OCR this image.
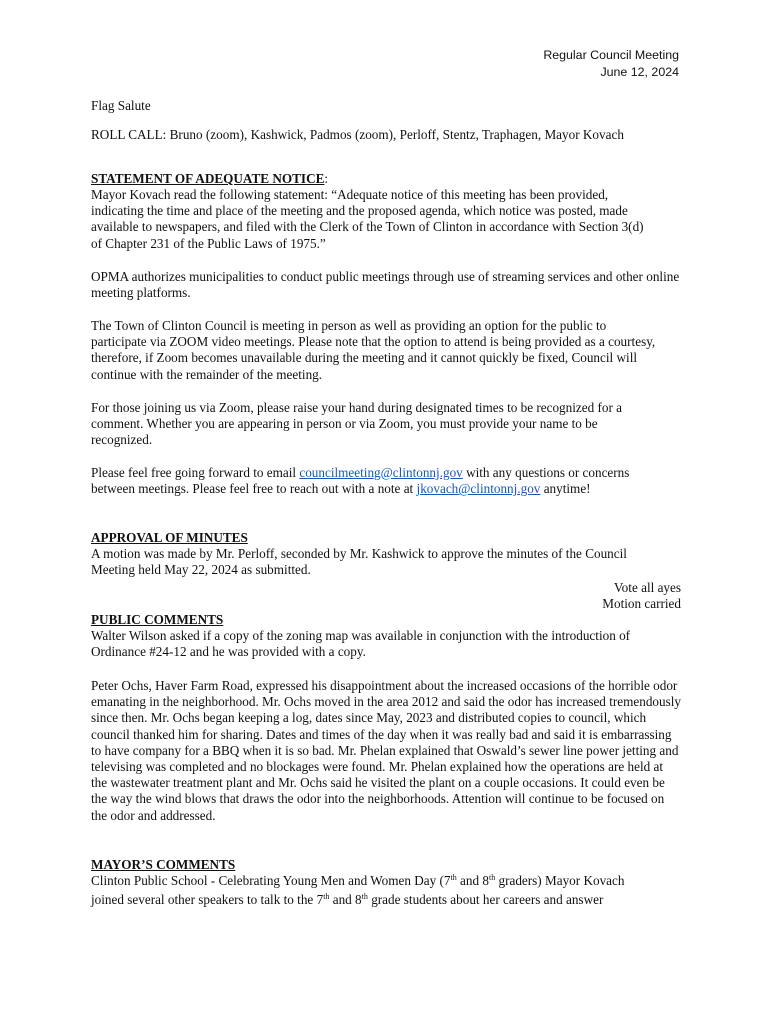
Regular Council Meeting
June 12, 2024

Flag Salute

ROLL CALL: Bruno (zoom), Kashwick, Padmos (zoom), Perloff, Stentz, Traphagen, Mayor Kovach

STATEMENT OF ADEQUATE NOTICE:

Mayor Kovach read the following statement: “Adequate notice of this meeting has been provided, indicating the time and place of the meeting and the proposed agenda, which notice was posted, made available to newspapers, and filed with the Clerk of the Town of Clinton in accordance with Section 3(d) of Chapter 231 of the Public Laws of 1975.”

OPMA authorizes municipalities to conduct public meetings through use of streaming services and other online meeting platforms.

The Town of Clinton Council is meeting in person as well as providing an option for the public to participate via ZOOM video meetings. Please note that the option to attend is being provided as a courtesy, therefore, if Zoom becomes unavailable during the meeting and it cannot quickly be fixed, Council will continue with the remainder of the meeting.

For those joining us via Zoom, please raise your hand during designated times to be recognized for a comment. Whether you are appearing in person or via Zoom, you must provide your name to be recognized.

Please feel free going forward to email councilmeeting@clintonnj.gov with any questions or concerns between meetings. Please feel free to reach out with a note at jkovach@clintonnj.gov anytime!

APPROVAL OF MINUTES

A motion was made by Mr. Perloff, seconded by Mr. Kashwick to approve the minutes of the Council Meeting held May 22, 2024 as submitted.

Vote all ayes

Motion carried

PUBLIC COMMENTS

Walter Wilson asked if a copy of the zoning map was available in conjunction with the introduction of Ordinance #24-12 and he was provided with a copy.

Peter Ochs, Haver Farm Road, expressed his disappointment about the increased occasions of the horrible odor emanating in the neighborhood. Mr. Ochs moved in the area 2012 and said the odor has increased tremendously since then. Mr. Ochs began keeping a log, dates since May, 2023 and distributed copies to council, which council thanked him for sharing. Dates and times of the day when it was really bad and said it is embarrassing to have company for a BBQ when it is so bad. Mr. Phelan explained that Oswald’s sewer line power jetting and televising was completed and no blockages were found. Mr. Phelan explained how the operations are held at the wastewater treatment plant and Mr. Ochs said he visited the plant on a couple occasions. It could even be the way the wind blows that draws the odor into the neighborhoods. Attention will continue to be focused on the odor and addressed.

MAYOR’S COMMENTS

Clinton Public School - Celebrating Young Men and Women Day (7th and 8th graders) Mayor Kovach

joined several other speakers to talk to the 7th and 8th grade students about her careers and answer
